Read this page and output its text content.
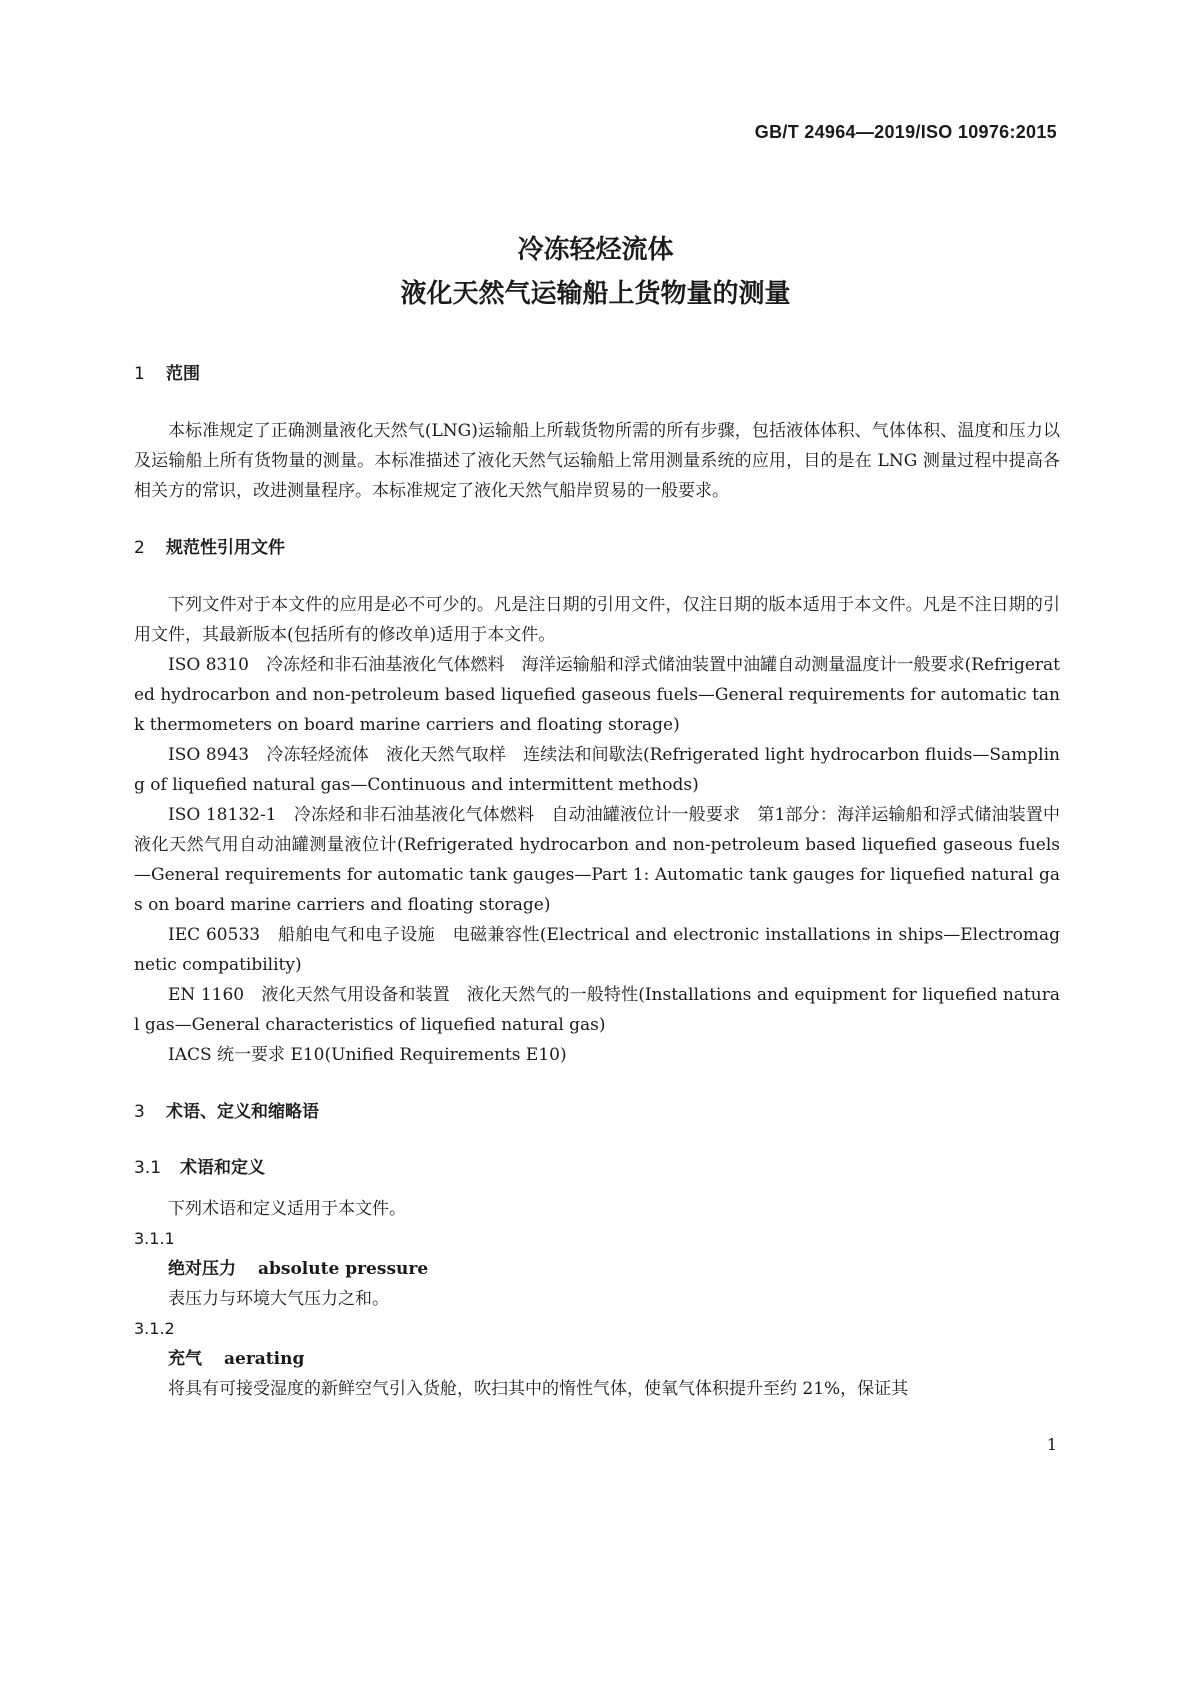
GB/T 24964—2019/ISO 10976:2015
冷冻轻烃流体
液化天然气运输船上货物量的测量
1 范围
本标准规定了正确测量液化天然气(LNG)运输船上所载货物所需的所有步骤，包括液体体积、气体体积、温度和压力以及运输船上所有货物量的测量。本标准描述了液化天然气运输船上常用测量系统的应用，目的是在 LNG 测量过程中提高各相关方的常识，改进测量程序。本标准规定了液化天然气船岸贸易的一般要求。
2 规范性引用文件
下列文件对于本文件的应用是必不可少的。凡是注日期的引用文件，仅注日期的版本适用于本文件。凡是不注日期的引用文件，其最新版本(包括所有的修改单)适用于本文件。
ISO 8310　冷冻烃和非石油基液化气体燃料　海洋运输船和浮式储油装置中油罐自动测量温度计一般要求(Refrigerated hydrocarbon and non-petroleum based liquefied gaseous fuels—General requirements for automatic tank thermometers on board marine carriers and floating storage)
ISO 8943　冷冻轻烃流体　液化天然气取样　连续法和间歇法(Refrigerated light hydrocarbon fluids—Sampling of liquefied natural gas—Continuous and intermittent methods)
ISO 18132-1　冷冻烃和非石油基液化气体燃料　自动油罐液位计一般要求　第1部分：海洋运输船和浮式储油装置中液化天然气用自动油罐测量液位计(Refrigerated hydrocarbon and non-petroleum based liquefied gaseous fuels—General requirements for automatic tank gauges—Part 1: Automatic tank gauges for liquefied natural gas on board marine carriers and floating storage)
IEC 60533　船舶电气和电子设施　电磁兼容性(Electrical and electronic installations in ships—Electromagnetic compatibility)
EN 1160　液化天然气用设备和装置　液化天然气的一般特性(Installations and equipment for liquefied natural gas—General characteristics of liquefied natural gas)
IACS 统一要求 E10(Unified Requirements E10)
3 术语、定义和缩略语
3.1 术语和定义
下列术语和定义适用于本文件。
3.1.1
绝对压力 absolute pressure
表压力与环境大气压力之和。
3.1.2
充气 aerating
将具有可接受湿度的新鲜空气引入货舱，吹扫其中的惰性气体，使氧气体积提升至约 21%，保证其
1
